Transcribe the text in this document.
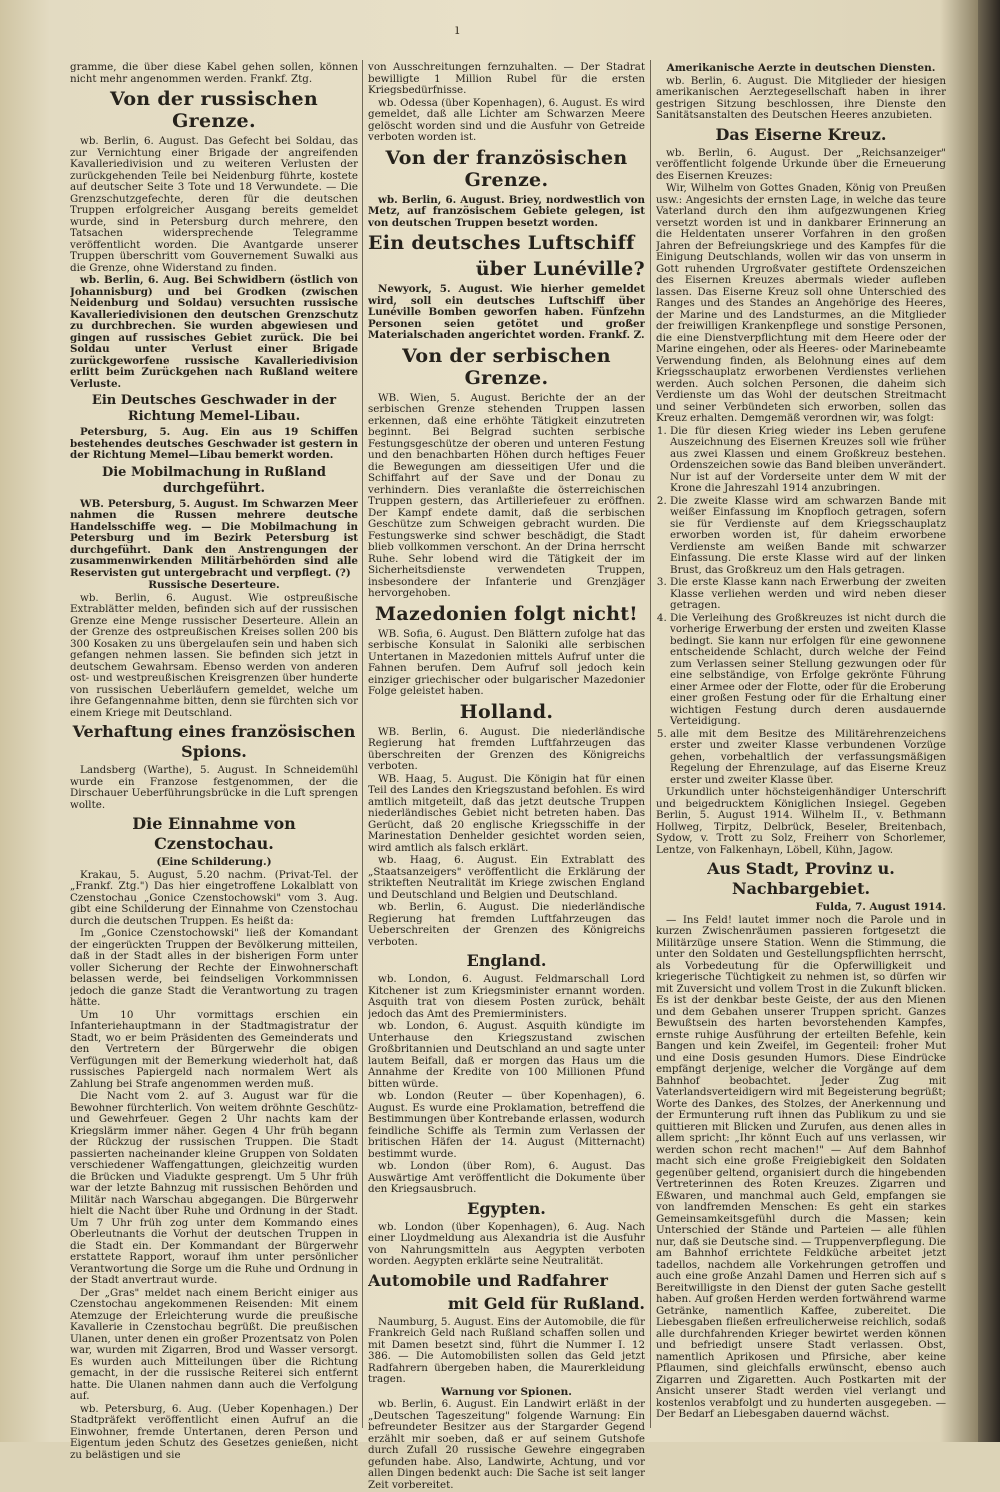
ı

gramme, die über diese Kabel gehen sollen, können nicht mehr angenommen werden. Frankf. Ztg.

Von der russischen Grenze.

wb. Berlin, 6. August. Das Gefecht bei Soldau, das zur Vernichtung einer Brigade der angreifenden Kavalleriedivision und zu weiteren Verlusten der zurückgehenden Teile bei Neidenburg führte, kostete auf deutscher Seite 3 Tote und 18 Verwundete. — Die Grenzschutzgefechte, deren für die deutschen Truppen erfolgreicher Ausgang bereits gemeldet wurde, sind in Petersburg durch mehrere, den Tatsachen widersprechende Telegramme veröffentlicht worden. Die Avantgarde unserer Truppen überschritt vom Gouvernement Suwalki aus die Grenze, ohne Widerstand zu finden.

wb. Berlin, 6. Aug. Bei Schwidbern (östlich von Johannisburg) und bei Grodken (zwischen Neidenburg und Soldau) versuchten russische Kavalleriedivisionen den deutschen Grenzschutz zu durchbrechen. Sie wurden abgewiesen und gingen auf russisches Gebiet zurück. Die bei Soldau unter Verlust einer Brigade zurückgeworfene russische Kavalleriedivision erlitt beim Zurückgehen nach Rußland weitere Verluste.

Ein Deutsches Geschwader in der Richtung Memel-Libau.

Petersburg, 5. Aug. Ein aus 19 Schiffen bestehendes deutsches Geschwader ist gestern in der Richtung Memel—Libau bemerkt worden.

Die Mobilmachung in Rußland durchgeführt.

WB. Petersburg, 5. August. Im Schwarzen Meer nahmen die Russen mehrere deutsche Handelsschiffe weg. — Die Mobilmachung in Petersburg und im Bezirk Petersburg ist durchgeführt. Dank den Anstrengungen der zusammenwirkenden Militärbehörden sind alle Reservisten gut untergebracht und verpflegt. (?)

Russische Deserteure.

wb. Berlin, 6. August. Wie ostpreußische Extrablätter melden, befinden sich auf der russischen Grenze eine Menge russischer Deserteure. Allein an der Grenze des ostpreußischen Kreises sollen 200 bis 300 Kosaken zu uns übergelaufen sein und haben sich gefangen nehmen lassen. Sie befinden sich jetzt in deutschem Gewahrsam. Ebenso werden von anderen ost- und westpreußischen Kreisgrenzen über hunderte von russischen Ueberläufern gemeldet, welche um ihre Gefangennahme bitten, denn sie fürchten sich vor einem Kriege mit Deutschland.

Verhaftung eines französischen Spions.

Landsberg (Warthe), 5. August. In Schneidemühl wurde ein Franzose festgenommen, der die Dirschauer Ueberführungsbrücke in die Luft sprengen wollte.

Die Einnahme von Czenstochau.
(Eine Schilderung.)

Krakau, 5. August, 5.20 nachm. (Privat-Tel. der „Frankf. Ztg.") Das hier eingetroffene Lokalblatt von Czenstochau „Gonice Czenstochowski" vom 3. Aug. gibt eine Schilderung der Einnahme von Czenstochau durch die deutschen Truppen. Es heißt da:

Im „Gonice Czenstochowski" ließ der Komandant der eingerückten Truppen der Bevölkerung mitteilen, daß in der Stadt alles in der bisherigen Form unter voller Sicherung der Rechte der Einwohnerschaft belassen werde, bei feindseligen Vorkommnissen jedoch die ganze Stadt die Verantwortung zu tragen hätte.

Um 10 Uhr vormittags erschien ein Infanteriehauptmann in der Stadtmagistratur der Stadt, wo er beim Präsidenten des Gemeinderats und den Vertretern der Bürgerwehr die obigen Verfügungen mit der Bemerkung wiederholt hat, daß russisches Papiergeld nach normalem Wert als Zahlung bei Strafe angenommen werden muß.

Die Nacht vom 2. auf 3. August war für die Bewohner fürchterlich. Von weitem dröhnte Geschütz- und Gewehrfeuer. Gegen 2 Uhr nachts kam der Kriegslärm immer näher. Gegen 4 Uhr früh begann der Rückzug der russischen Truppen. Die Stadt passierten nacheinander kleine Gruppen von Soldaten verschiedener Waffengattungen, gleichzeitig wurden die Brücken und Viadukte gesprengt. Um 5 Uhr früh war der letzte Bahnzug mit russischen Behörden und Militär nach Warschau abgegangen. Die Bürgerwehr hielt die Nacht über Ruhe und Ordnung in der Stadt. Um 7 Uhr früh zog unter dem Kommando eines Oberleutnants die Vorhut der deutschen Truppen in die Stadt ein. Der Kommandant der Bürgerwehr erstattete Rapport, worauf ihm unter persönlicher Verantwortung die Sorge um die Ruhe und Ordnung in der Stadt anvertraut wurde.

Der „Gras" meldet nach einem Bericht einiger aus Czenstochau angekommenen Reisenden: Mit einem Atemzuge der Erleichterung wurde die preußische Kavallerie in Czenstochau begrüßt. Die preußischen Ulanen, unter denen ein großer Prozentsatz von Polen war, wurden mit Zigarren, Brod und Wasser versorgt. Es wurden auch Mitteilungen über die Richtung gemacht, in der die russische Reiterei sich entfernt hatte. Die Ulanen nahmen dann auch die Verfolgung auf.

wb. Petersburg, 6. Aug. (Ueber Kopenhagen.) Der Stadtpräfekt veröffentlicht einen Aufruf an die Einwohner, fremde Untertanen, deren Person und Eigentum jeden Schutz des Gesetzes genießen, nicht zu belästigen und sie

von Ausschreitungen fernzuhalten. — Der Stadrat bewilligte 1 Million Rubel für die ersten Kriegsbedürfnisse.

wb. Odessa (über Kopenhagen), 6. August. Es wird gemeldet, daß alle Lichter am Schwarzen Meere gelöscht worden sind und die Ausfuhr von Getreide verboten worden ist.

Von der französischen Grenze.

wb. Berlin, 6. August. Briey, nordwestlich von Metz, auf französischem Gebiete gelegen, ist von deutschen Truppen besetzt worden.

Ein deutsches Luftschiff
über Lunéville?

Newyork, 5. August. Wie hierher gemeldet wird, soll ein deutsches Luftschiff über Lunéville Bomben geworfen haben. Fünfzehn Personen seien getötet und großer Materialschaden angerichtet worden. Frankf. Z.

Von der serbischen Grenze.

WB. Wien, 5. August. Berichte der an der serbischen Grenze stehenden Truppen lassen erkennen, daß eine erhöhte Tätigkeit einzutreten beginnt. Bei Belgrad suchten serbische Festungsgeschütze der oberen und unteren Festung und den benachbarten Höhen durch heftiges Feuer die Bewegungen am diesseitigen Ufer und die Schiffahrt auf der Save und der Donau zu verhindern. Dies veranlaßte die österreichischen Truppen gestern, das Artilleriefeuer zu eröffnen. Der Kampf endete damit, daß die serbischen Geschütze zum Schweigen gebracht wurden. Die Festungswerke sind schwer beschädigt, die Stadt blieb vollkommen verschont. An der Drina herrscht Ruhe. Sehr lobend wird die Tätigkeit der im Sicherheitsdienste verwendeten Truppen, insbesondere der Infanterie und Grenzjäger hervorgehoben.

Mazedonien folgt nicht!

WB. Sofia, 6. August. Den Blättern zufolge hat das serbische Konsulat in Saloniki alle serbischen Untertanen in Mazedonien mittels Aufruf unter die Fahnen berufen. Dem Aufruf soll jedoch kein einziger griechischer oder bulgarischer Mazedonier Folge geleistet haben.

Holland.

WB. Berlin, 6. August. Die niederländische Regierung hat fremden Luftfahrzeugen das überschreiten der Grenzen des Königreichs verboten.

WB. Haag, 5. August. Die Königin hat für einen Teil des Landes den Kriegszustand befohlen. Es wird amtlich mitgeteilt, daß das jetzt deutsche Truppen niederländisches Gebiet nicht betreten haben. Das Gerücht, daß 20 englische Kriegsschiffe in der Marinestation Denhelder gesichtet worden seien, wird amtlich als falsch erklärt.

wb. Haag, 6. August. Ein Extrablatt des „Staatsanzeigers" veröffentlicht die Erklärung der strikteften Neutralität im Kriege zwischen England und Deutschland und Belgien und Deutschland.

wb. Berlin, 6. August. Die niederländische Regierung hat fremden Luftfahrzeugen das Ueberschreiten der Grenzen des Königreichs verboten.

England.

wb. London, 6. August. Feldmarschall Lord Kitchener ist zum Kriegsminister ernannt worden. Asquith trat von diesem Posten zurück, behält jedoch das Amt des Premierministers.

wb. London, 6. August. Asquith kündigte im Unterhause den Kriegszustand zwischen Großbritannien und Deutschland an und sagte unter lautem Beifall, daß er morgen das Haus um die Annahme der Kredite von 100 Millionen Pfund bitten würde.

wb. London (Reuter — über Kopenhagen), 6. August. Es wurde eine Proklamation, betreffend die Bestimmungen über Kontrebande erlassen, wodurch feindliche Schiffe als Termin zum Verlassen der britischen Häfen der 14. August (Mitternacht) bestimmt wurde.

wb. London (über Rom), 6. August. Das Auswärtige Amt veröffentlicht die Dokumente über den Kriegsausbruch.

Egypten.

wb. London (über Kopenhagen), 6. Aug. Nach einer Lloydmeldung aus Alexandria ist die Ausfuhr von Nahrungsmitteln aus Aegypten verboten worden. Aegypten erklärte seine Neutralität.

Automobile und Radfahrer
mit Geld für Rußland.

Naumburg, 5. August. Eins der Automobile, die für Frankreich Geld nach Rußland schaffen sollen und mit Damen besetzt sind, führt die Nummer I. 12 386. — Die Automobilisten sollen das Geld jetzt Radfahrern übergeben haben, die Maurerkleidung tragen.

Warnung vor Spionen.

wb. Berlin, 6. August. Ein Landwirt erläßt in der „Deutschen Tageszeitung" folgende Warnung: Ein befreundeter Besitzer aus der Stargarder Gegend erzählt mir soeben, daß er auf seinem Gutshofe durch Zufall 20 russische Gewehre eingegraben gefunden habe. Also, Landwirte, Achtung, und vor allen Dingen bedenkt auch: Die Sache ist seit langer Zeit vorbereitet.

Amerikanische Aerzte in deutschen Diensten.

wb. Berlin, 6. August. Die Mitglieder der hiesigen amerikanischen Aerztegesellschaft haben in ihrer gestrigen Sitzung beschlossen, ihre Dienste den Sanitätsanstalten des Deutschen Heeres anzubieten.

Das Eiserne Kreuz.

wb. Berlin, 6. August. Der „Reichsanzeiger" veröffentlicht folgende Urkunde über die Erneuerung des Eisernen Kreuzes:

Wir, Wilhelm von Gottes Gnaden, König von Preußen usw.: Angesichts der ernsten Lage, in welche das teure Vaterland durch den ihm aufgezwungenen Krieg versetzt worden ist und in dankbarer Erinnerung an die Heldentaten unserer Vorfahren in den großen Jahren der Befreiungskriege und des Kampfes für die Einigung Deutschlands, wollen wir das von unserm in Gott ruhenden Urgroßvater gestiftete Ordenszeichen des Eisernen Kreuzes abermals wieder aufleben lassen. Das Eiserne Kreuz soll ohne Unterschied des Ranges und des Standes an Angehörige des Heeres, der Marine und des Landsturmes, an die Mitglieder der freiwilligen Krankenpflege und sonstige Personen, die eine Dienstverpflichtung mit dem Heere oder der Marine eingehen, oder als Heeres- oder Marinebeamte Verwendung finden, als Belohnung eines auf dem Kriegsschauplatz erworbenen Verdienstes verliehen werden. Auch solchen Personen, die daheim sich Verdienste um das Wohl der deutschen Streitmacht und seiner Verbündeten sich erworben, sollen das Kreuz erhalten. Demgemäß verordnen wir, was folgt:

1. Die für diesen Krieg wieder ins Leben gerufene Auszeichnung des Eisernen Kreuzes soll wie früher aus zwei Klassen und einem Großkreuz bestehen. Ordenszeichen sowie das Band bleiben unverändert. Nur ist auf der Vorderseite unter dem W mit der Krone die Jahreszahl 1914 anzubringen.
2. Die zweite Klasse wird am schwarzen Bande mit weißer Einfassung im Knopfloch getragen, sofern sie für Verdienste auf dem Kriegsschauplatz erworben worden ist, für daheim erworbene Verdienste am weißen Bande mit schwarzer Einfassung. Die erste Klasse wird auf der linken Brust, das Großkreuz um den Hals getragen.
3. Die erste Klasse kann nach Erwerbung der zweiten Klasse verliehen werden und wird neben dieser getragen.
4. Die Verleihung des Großkreuzes ist nicht durch die vorherige Erwerbung der ersten und zweiten Klasse bedingt. Sie kann nur erfolgen für eine gewonnene entscheidende Schlacht, durch welche der Feind zum Verlassen seiner Stellung gezwungen oder für eine selbständige, von Erfolge gekrönte Führung einer Armee oder der Flotte, oder für die Eroberung einer großen Festung oder für die Erhaltung einer wichtigen Festung durch deren ausdauernde Verteidigung.
5. alle mit dem Besitze des Militärehrenzeichens erster und zweiter Klasse verbundenen Vorzüge gehen, vorbehaltlich der verfassungsmäßigen Regelung der Ehrenzulage, auf das Eiserne Kreuz erster und zweiter Klasse über.

Urkundlich unter höchsteigenhändiger Unterschrift und beigedrucktem Königlichen Insiegel. Gegeben Berlin, 5. August 1914. Wilhelm II., v. Bethmann Hollweg, Tirpitz, Delbrück, Beseler, Breitenbach, Sydow, v. Trott zu Solz, Freiherr von Schorlemer, Lentze, von Falkenhayn, Löbell, Kühn, Jagow.

Aus Stadt, Provinz u. Nachbargebiet.

Fulda, 7. August 1914.

— Ins Feld! lautet immer noch die Parole und in kurzen Zwischenräumen passieren fortgesetzt die Militärzüge unsere Station. Wenn die Stimmung, die unter den Soldaten und Gestellungspflichten herrscht, als Vorbedeutung für die Opferwilligkeit und kriegerische Tüchtigkeit zu nehmen ist, so dürfen wir mit Zuversicht und vollem Trost in die Zukunft blicken. Es ist der denkbar beste Geiste, der aus den Mienen und dem Gebahen unserer Truppen spricht. Ganzes Bewußtsein des harten bevorstehenden Kampfes, ernste ruhige Ausführung der erteilten Befehle, kein Bangen und kein Zweifel, im Gegenteil: froher Mut und eine Dosis gesunden Humors. Diese Eindrücke empfängt derjenige, welcher die Vorgänge auf dem Bahnhof beobachtet. Jeder Zug mit Vaterlandsverteidigern wird mit Begeisterung begrüßt; Worte des Dankes, des Stolzes, der Anerkennung und der Ermunterung ruft ihnen das Publikum zu und sie quittieren mit Blicken und Zurufen, aus denen alles in allem spricht: „Ihr könnt Euch auf uns verlassen, wir werden schon recht machen!" — Auf dem Bahnhof macht sich eine große Freigiebigkeit den Soldaten gegenüber geltend, organisiert durch die hingebenden Vertreterinnen des Roten Kreuzes. Zigarren und Eßwaren, und manchmal auch Geld, empfangen sie von landfremden Menschen: Es geht ein starkes Gemeinsamkeitsgefühl durch die Massen; kein Unterschied der Stände und Parteien — alle fühlen nur, daß sie Deutsche sind. — Truppenverpflegung. Die am Bahnhof errichtete Feldküche arbeitet jetzt tadellos, nachdem alle Vorkehrungen getroffen und auch eine große Anzahl Damen und Herren sich auf s Bereitwilligste in den Dienst der guten Sache gestellt haben. Auf großen Herden werden fortwährend warme Getränke, namentlich Kaffee, zubereitet. Die Liebesgaben fließen erfreulicherweise reichlich, sodaß alle durchfahrenden Krieger bewirtet werden können und befriedigt unsere Stadt verlassen. Obst, namentlich Aprikosen und Pfirsiche, aber keine Pflaumen, sind gleichfalls erwünscht, ebenso auch Zigarren und Zigaretten. Auch Postkarten mit der Ansicht unserer Stadt werden viel verlangt und kostenlos verabfolgt und zu hunderten ausgegeben. — Der Bedarf an Liebesgaben dauernd wächst.
